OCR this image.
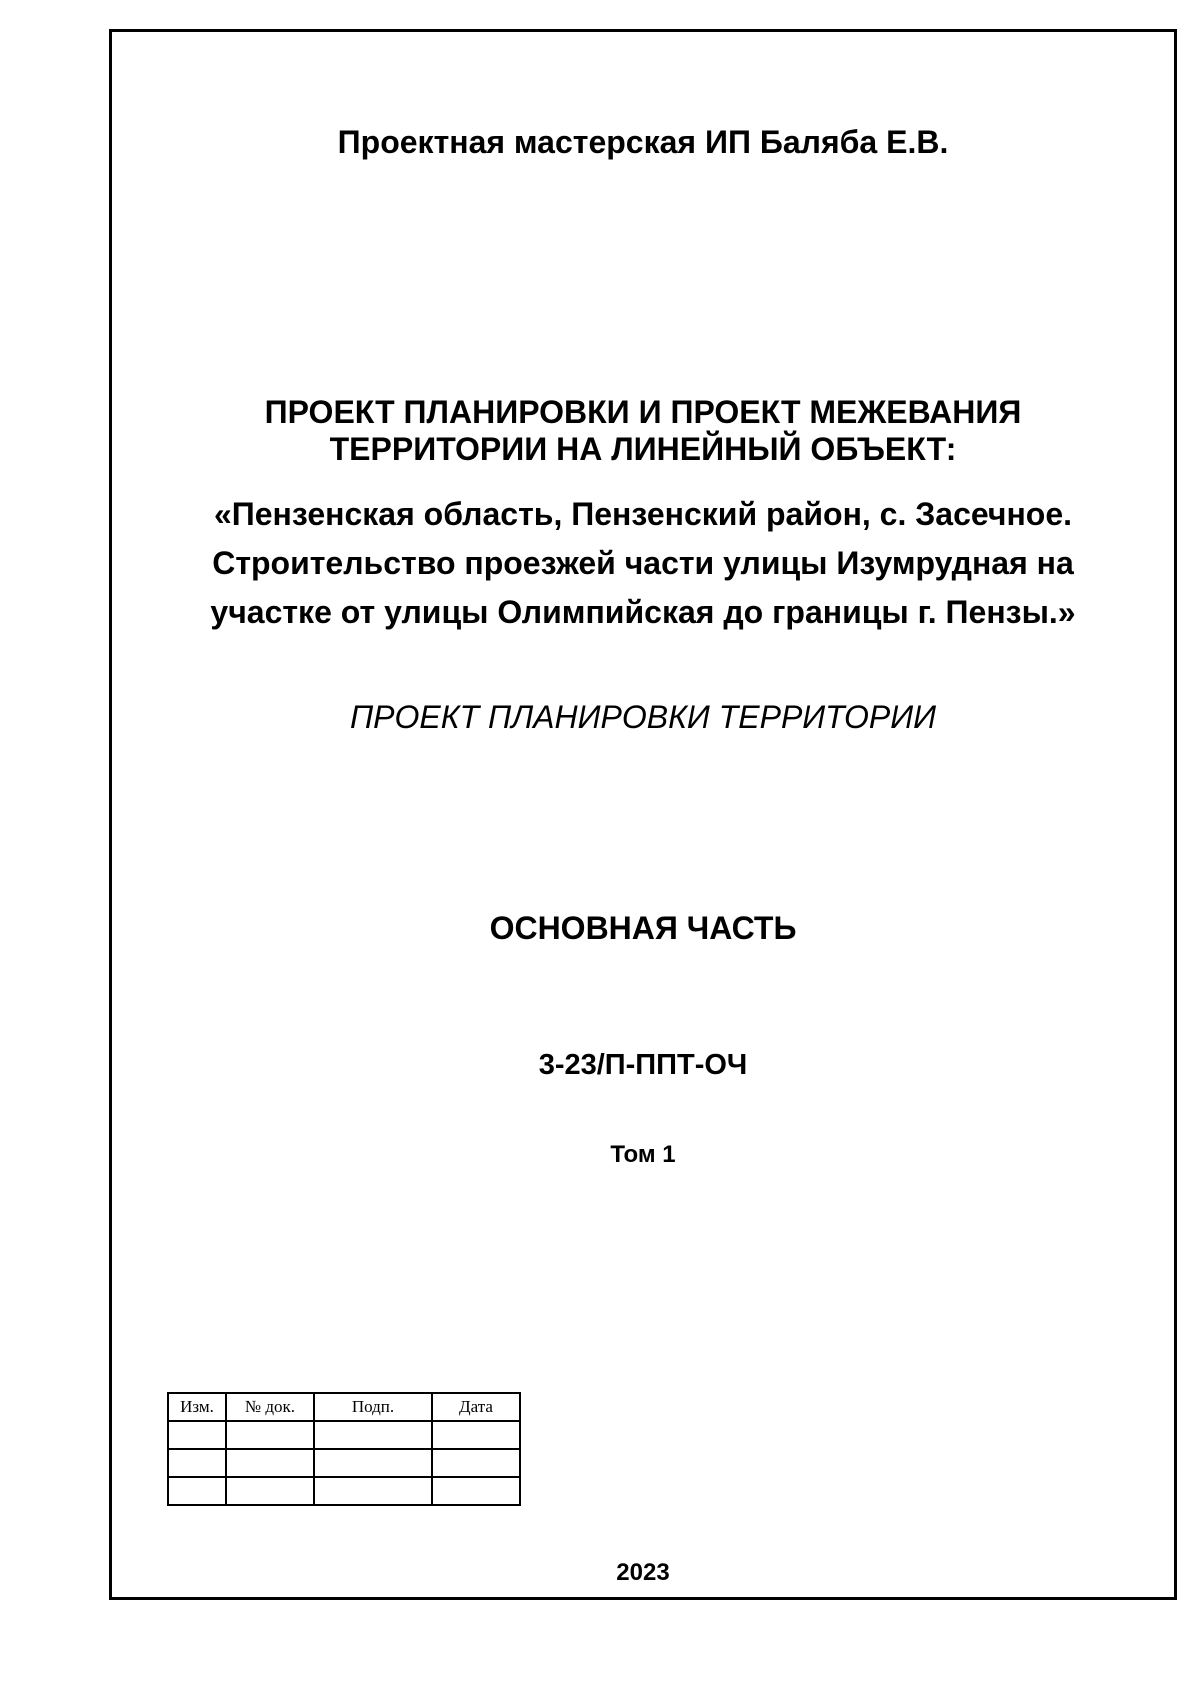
Проектная мастерская ИП Баляба Е.В.
ПРОЕКТ ПЛАНИРОВКИ И ПРОЕКТ МЕЖЕВАНИЯ
ТЕРРИТОРИИ НА ЛИНЕЙНЫЙ ОБЪЕКТ:
«Пензенская область, Пензенский район, с. Засечное.
Строительство проезжей части улицы Изумрудная на
участке от улицы Олимпийская до границы г. Пензы.»
ПРОЕКТ ПЛАНИРОВКИ ТЕРРИТОРИИ
ОСНОВНАЯ ЧАСТЬ
3-23/П-ППТ-ОЧ
Том 1
Изм.	№ док.	Подп.	Дата

2023
